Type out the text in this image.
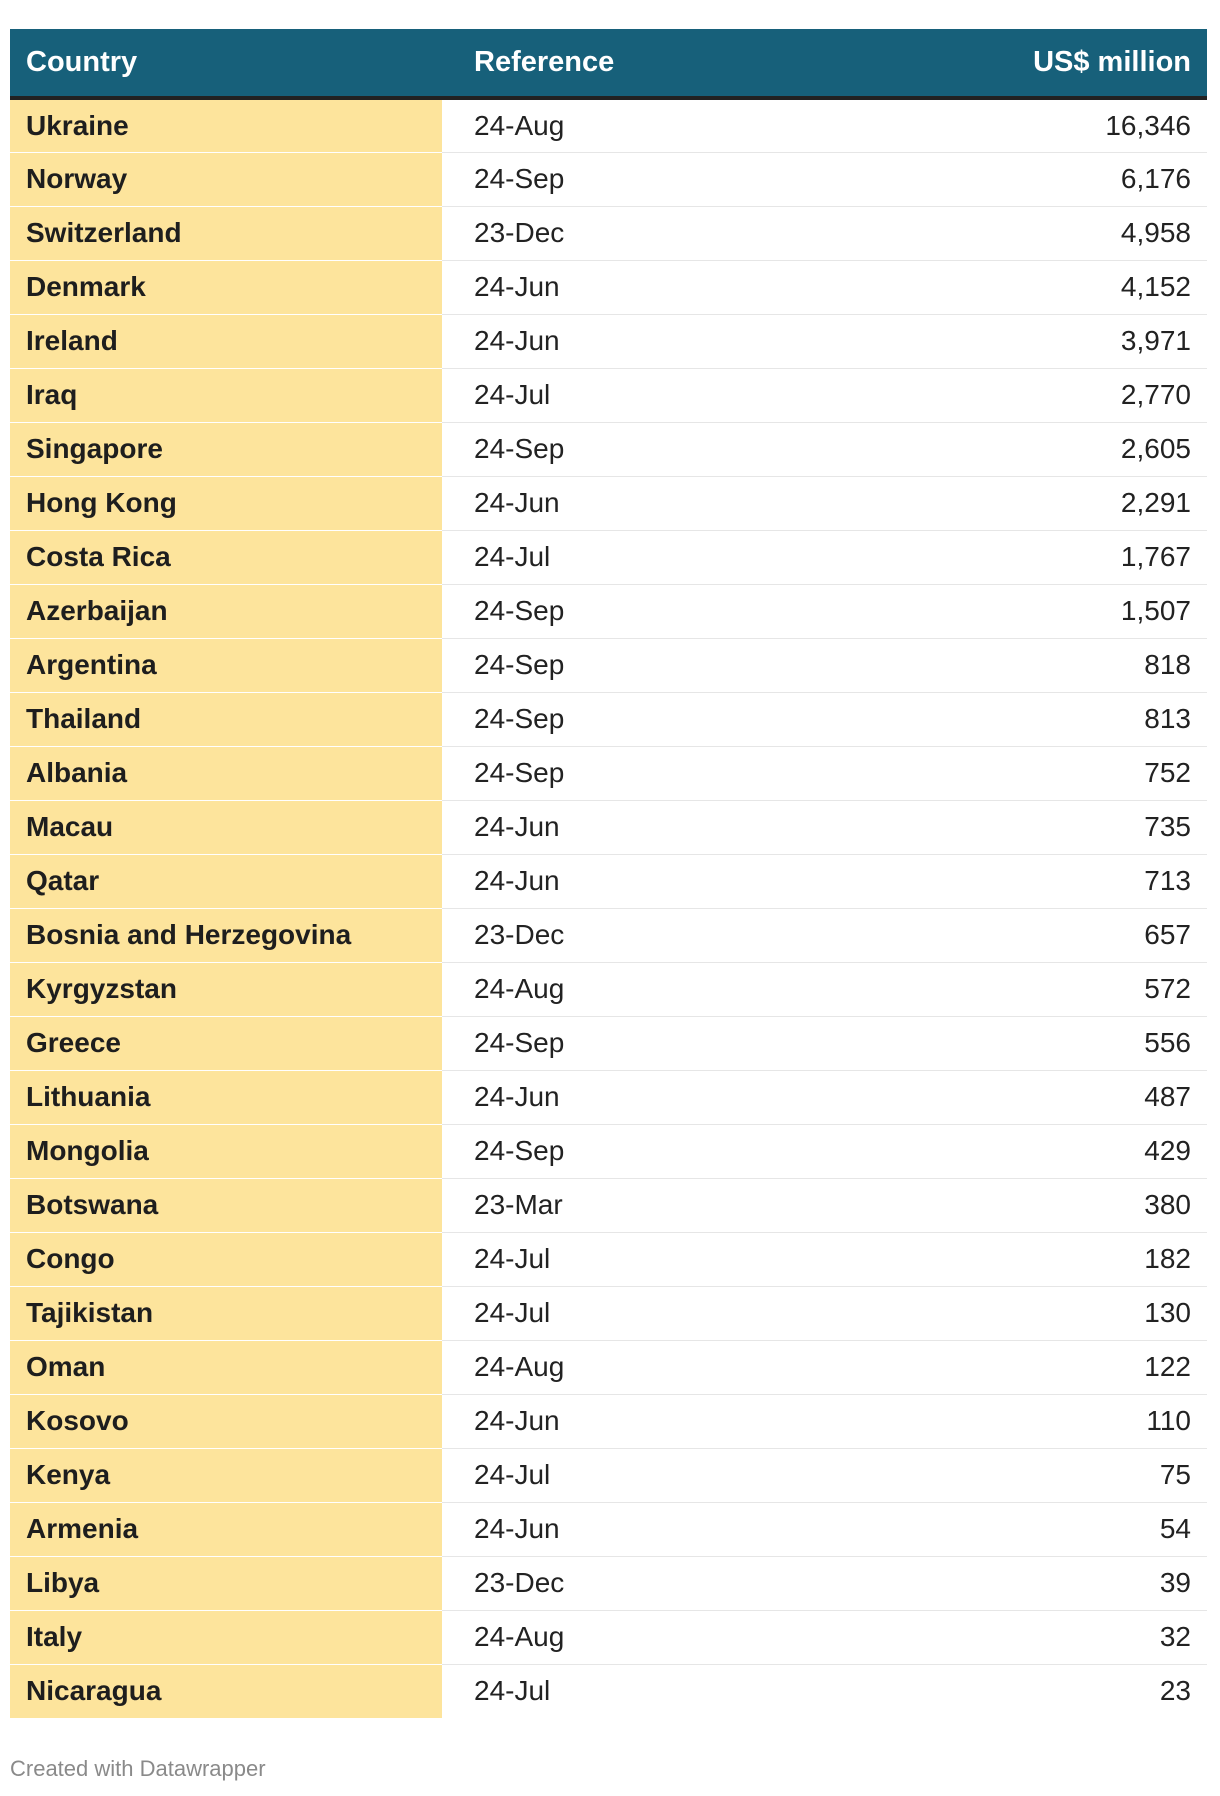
Country	Reference	US$ million
Ukraine	24-Aug	16,346
Norway	24-Sep	6,176
Switzerland	23-Dec	4,958
Denmark	24-Jun	4,152
Ireland	24-Jun	3,971
Iraq	24-Jul	2,770
Singapore	24-Sep	2,605
Hong Kong	24-Jun	2,291
Costa Rica	24-Jul	1,767
Azerbaijan	24-Sep	1,507
Argentina	24-Sep	818
Thailand	24-Sep	813
Albania	24-Sep	752
Macau	24-Jun	735
Qatar	24-Jun	713
Bosnia and Herzegovina	23-Dec	657
Kyrgyzstan	24-Aug	572
Greece	24-Sep	556
Lithuania	24-Jun	487
Mongolia	24-Sep	429
Botswana	23-Mar	380
Congo	24-Jul	182
Tajikistan	24-Jul	130
Oman	24-Aug	122
Kosovo	24-Jun	110
Kenya	24-Jul	75
Armenia	24-Jun	54
Libya	23-Dec	39
Italy	24-Aug	32
Nicaragua	24-Jul	23
Created with Datawrapper
